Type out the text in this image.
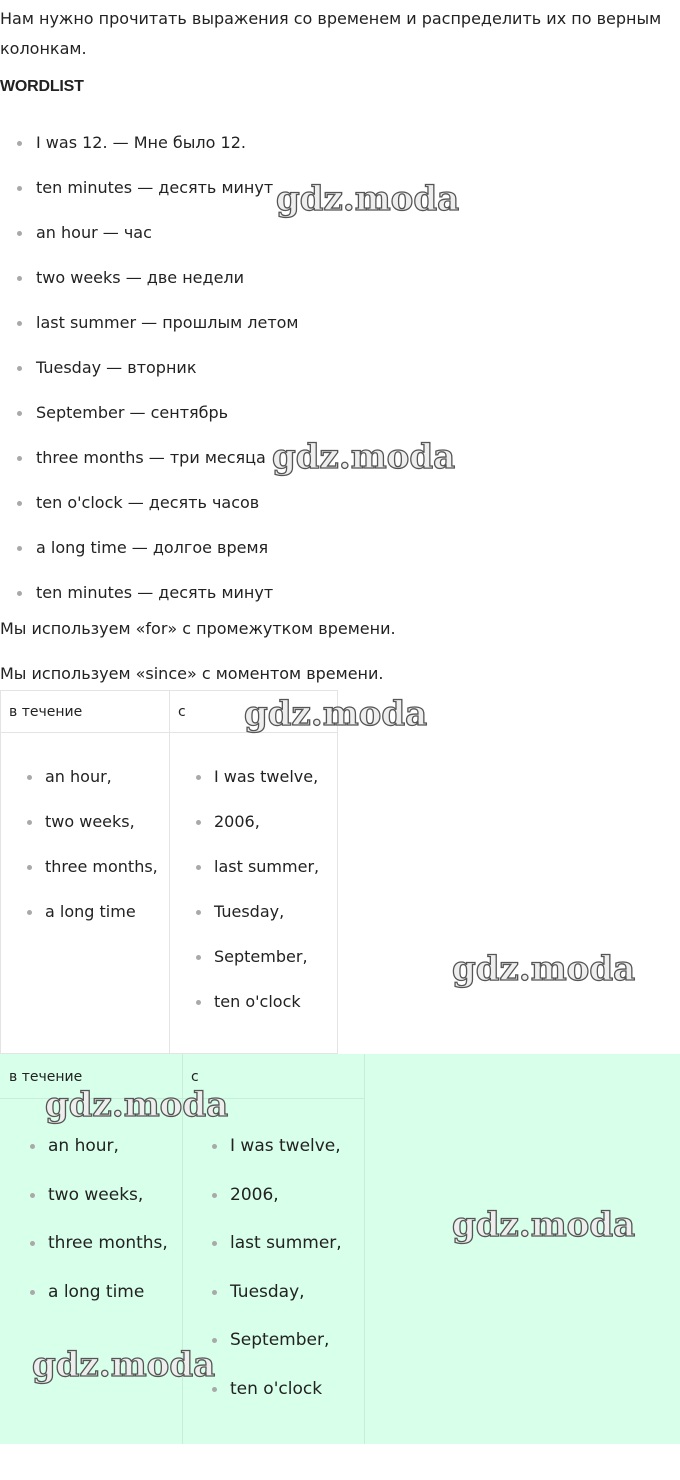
Нам нужно прочитать выражения со временем и распределить их по верным колонкам.

WORDLIST

I was 12. — Мне было 12.
ten minutes — десять минут
an hour — час
two weeks — две недели
last summer — прошлым летом
Tuesday — вторник
September — сентябрь
three months — три месяца
ten o'clock — десять часов
a long time — долгое время
ten minutes — десять минут

Мы используем «for» с промежутком времени.

Мы используем «since» с моментом времени.

в течение	с
an hour,
two weeks,
three months,
a long time
I was twelve,
2006,
last summer,
Tuesday,
September,
ten o'clock
в течение	с
an hour,
two weeks,
three months,
a long time
I was twelve,
2006,
last summer,
Tuesday,
September,
ten o'clock
gdz.moda
gdz.moda
gdz.moda
gdz.moda
gdz.moda
gdz.moda
gdz.moda
